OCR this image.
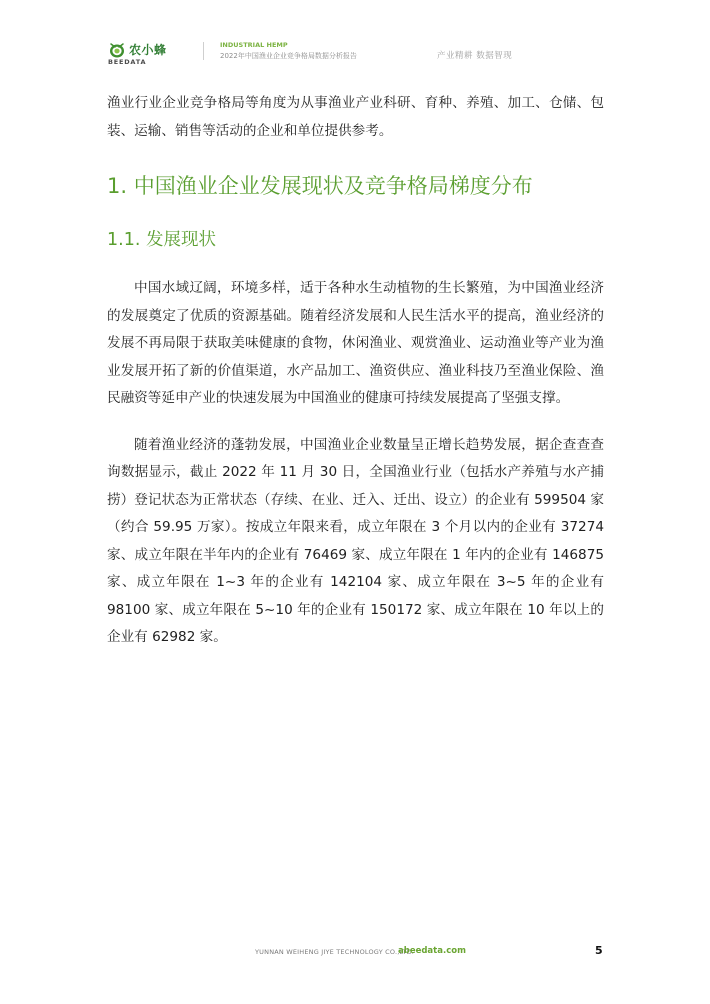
农小蜂
BEEDATA
INDUSTRIAL HEMP
2022年中国渔业企业竞争格局数据分析报告	产业精耕 数据智现

渔业行业企业竞争格局等角度为从事渔业产业科研、育种、养殖、加工、仓储、包装、运输、销售等活动的企业和单位提供参考。

1. 中国渔业企业发展现状及竞争格局梯度分布
1.1. 发展现状

中国水域辽阔，环境多样，适于各种水生动植物的生长繁殖，为中国渔业经济的发展奠定了优质的资源基础。随着经济发展和人民生活水平的提高，渔业经济的发展不再局限于获取美味健康的食物，休闲渔业、观赏渔业、运动渔业等产业为渔业发展开拓了新的价值渠道，水产品加工、渔资供应、渔业科技乃至渔业保险、渔民融资等延申产业的快速发展为中国渔业的健康可持续发展提高了坚强支撑。

随着渔业经济的蓬勃发展，中国渔业企业数量呈正增长趋势发展，据企查查查询数据显示，截止 2022 年 11 月 30 日，全国渔业行业（包括水产养殖与水产捕捞）登记状态为正常状态（存续、在业、迁入、迁出、设立）的企业有 599504 家（约合 59.95 万家）。按成立年限来看，成立年限在 3 个月以内的企业有 37274 家、成立年限在半年内的企业有 76469 家、成立年限在 1 年内的企业有 146875 家、成立年限在 1~3 年的企业有 142104 家、成立年限在 3~5 年的企业有 98100 家、成立年限在 5~10 年的企业有 150172 家、成立年限在 10 年以上的企业有 62982 家。

YUNNAN WEIHENG JIYE TECHNOLOGY CO.,LTD.
abeedata.com	5
